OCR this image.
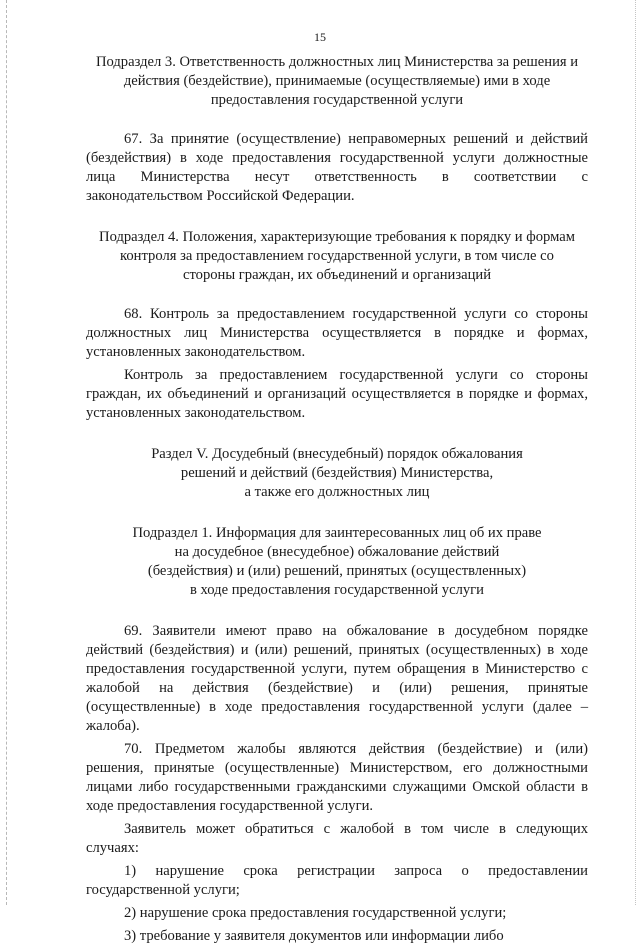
15
Подраздел 3. Ответственность должностных лиц Министерства за решения и
действия (бездействие), принимаемые (осуществляемые) ими в ходе
предоставления государственной услуги
67. За принятие (осуществление) неправомерных решений и действий
(бездействия) в ходе предоставления государственной услуги должностные
лица Министерства несут ответственность в соответствии с
законодательством Российской Федерации.
Подраздел 4. Положения, характеризующие требования к порядку и формам
контроля за предоставлением государственной услуги, в том числе со
стороны граждан, их объединений и организаций
68. Контроль за предоставлением государственной услуги со стороны
должностных лиц Министерства осуществляется в порядке и формах,
установленных законодательством.
Контроль за предоставлением государственной услуги со стороны
граждан, их объединений и организаций осуществляется в порядке и формах,
установленных законодательством.
Раздел V. Досудебный (внесудебный) порядок обжалования
решений и действий (бездействия) Министерства,
а также его должностных лиц
Подраздел 1. Информация для заинтересованных лиц об их праве
на досудебное (внесудебное) обжалование действий
(бездействия) и (или) решений, принятых (осуществленных)
в ходе предоставления государственной услуги
69. Заявители имеют право на обжалование в досудебном порядке
действий (бездействия) и (или) решений, принятых (осуществленных) в ходе
предоставления государственной услуги, путем обращения в Министерство с
жалобой на действия (бездействие) и (или) решения, принятые
(осуществленные) в ходе предоставления государственной услуги (далее –
жалоба).
70. Предметом жалобы являются действия (бездействие) и (или)
решения, принятые (осуществленные) Министерством, его должностными
лицами либо государственными гражданскими служащими Омской области в
ходе предоставления государственной услуги.
Заявитель может обратиться с жалобой в том числе в следующих
случаях:
1) нарушение срока регистрации запроса о предоставлении
государственной услуги;
2) нарушение срока предоставления государственной услуги;
3) требование у заявителя документов или информации либо
